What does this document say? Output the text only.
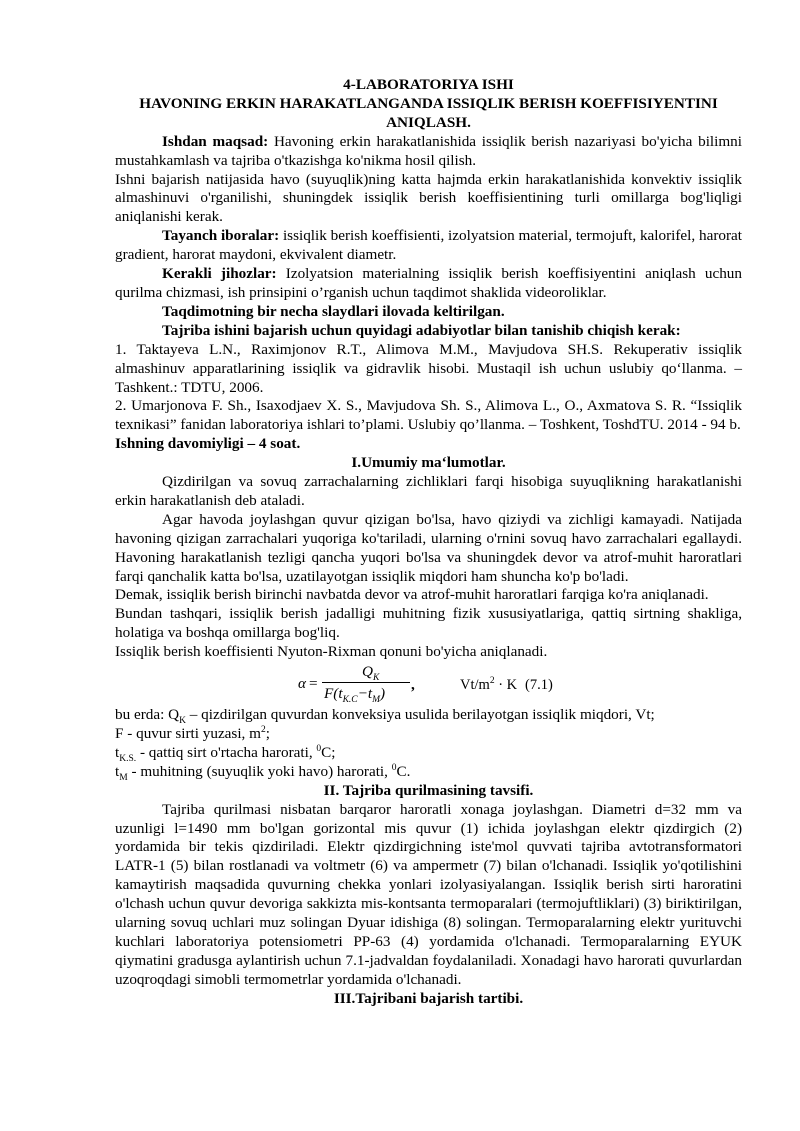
4-LABORATORIYA ISHI

HAVONING ERKIN HARAKATLANGANDA ISSIQLIK BERISH KOEFFISIYENTINI

ANIQLASH.

Ishdan maqsad: Havoning erkin harakatlanishida issiqlik berish nazariyasi bo'yicha bilimni mustahkamlash va tajriba o'tkazishga ko'nikma hosil qilish.

Ishni bajarish natijasida havo (suyuqlik)ning katta hajmda erkin harakatlanishida konvektiv issiqlik almashinuvi o'rganilishi, shuningdek issiqlik berish koeffisientining turli omillarga bog'liqligi aniqlanishi kerak.

Tayanch iboralar: issiqlik berish koeffisienti, izolyatsion material, termojuft, kalorifel, harorat gradient, harorat maydoni, ekvivalent diametr.

Kerakli jihozlar: Izolyatsion materialning issiqlik berish koeffisiyentini aniqlash uchun qurilma chizmasi, ish prinsipini o’rganish uchun taqdimot shaklida videoroliklar.

Taqdimotning bir necha slaydlari ilovada keltirilgan.

Tajriba ishini bajarish uchun quyidagi adabiyotlar bilan tanishib chiqish kerak:

1. Taktayeva L.N., Raximjonov R.T., Alimova M.M., Mavjudova SH.S. Rekuperativ issiqlik almashinuv apparatlarining issiqlik va gidravlik hisobi. Mustaqil ish uchun uslubiy qo‘llanma. – Tashkent.: TDTU, 2006.

2. Umarjonova F. Sh., Isaxodjaev X. S., Mavjudova Sh. S., Alimova L., O., Axmatova S. R. “Issiqlik texnikasi” fanidan laboratoriya ishlari to’plami. Uslubiy qo’llanma. – Toshkent, ToshdTU. 2014 - 94 b.

Ishning davomiyligi – 4 soat.

I.Umumiy ma‘lumotlar.

Qizdirilgan va sovuq zarrachalarning zichliklari farqi hisobiga suyuqlikning harakatlanishi erkin harakatlanish deb ataladi.

Agar havoda joylashgan quvur qizigan bo'lsa, havo qiziydi va zichligi kamayadi. Natijada havoning qizigan zarrachalari yuqoriga ko'tariladi, ularning o'rnini sovuq havo zarrachalari egallaydi. Havoning harakatlanish tezligi qancha yuqori bo'lsa va shuningdek devor va atrof-muhit haroratlari farqi qanchalik katta bo'lsa, uzatilayotgan issiqlik miqdori ham shuncha ko'p bo'ladi.

Demak, issiqlik berish birinchi navbatda devor va atrof-muhit haroratlari farqiga ko'ra aniqlanadi.

Bundan tashqari, issiqlik berish jadalligi muhitning fizik xususiyatlariga, qattiq sirtning shakliga, holatiga va boshqa omillarga bog'liq.

Issiqlik berish koeffisienti Nyuton-Rixman qonuni bo'yicha aniqlanadi.

α =
$Q_K$
$F(t_{K.C}-t_M)$
,	$Vt/m^2 \cdot K$ (7.1)

bu erda: $Q_K$ – qizdirilgan quvurdan konveksiya usulida berilayotgan issiqlik miqdori, Vt;

F - quvur sirti yuzasi, $m^2$;

$t_{K.S.}$ - qattiq sirt o'rtacha harorati, $^0$C;

$t_M$ - muhitning (suyuqlik yoki havo) harorati, $^0$C.

II. Tajriba qurilmasining tavsifi.

Tajriba qurilmasi nisbatan barqaror haroratli xonaga joylashgan. Diametri d=32 mm va uzunligi l=1490 mm bo'lgan gorizontal mis quvur (1) ichida joylashgan elektr qizdirgich (2) yordamida bir tekis qizdiriladi. Elektr qizdirgichning iste'mol quvvati tajriba avtotransformatori LATR-1 (5) bilan rostlanadi va voltmetr (6) va ampermetr (7) bilan o'lchanadi. Issiqlik yo'qotilishini kamaytirish maqsadida quvurning chekka yonlari izolyasiyalangan. Issiqlik berish sirti haroratini o'lchash uchun quvur devoriga sakkizta mis-kontsanta termoparalari (termojuftliklari) (3) biriktirilgan, ularning sovuq uchlari muz solingan Dyuar idishiga (8) solingan. Termoparalarning elektr yurituvchi kuchlari laboratoriya potensiometri PP-63 (4) yordamida o'lchanadi. Termoparalarning EYUK qiymatini gradusga aylantirish uchun 7.1-jadvaldan foydalaniladi. Xonadagi havo harorati quvurlardan uzoqroqdagi simobli termometrlar yordamida o'lchanadi.

III.Tajribani bajarish tartibi.
